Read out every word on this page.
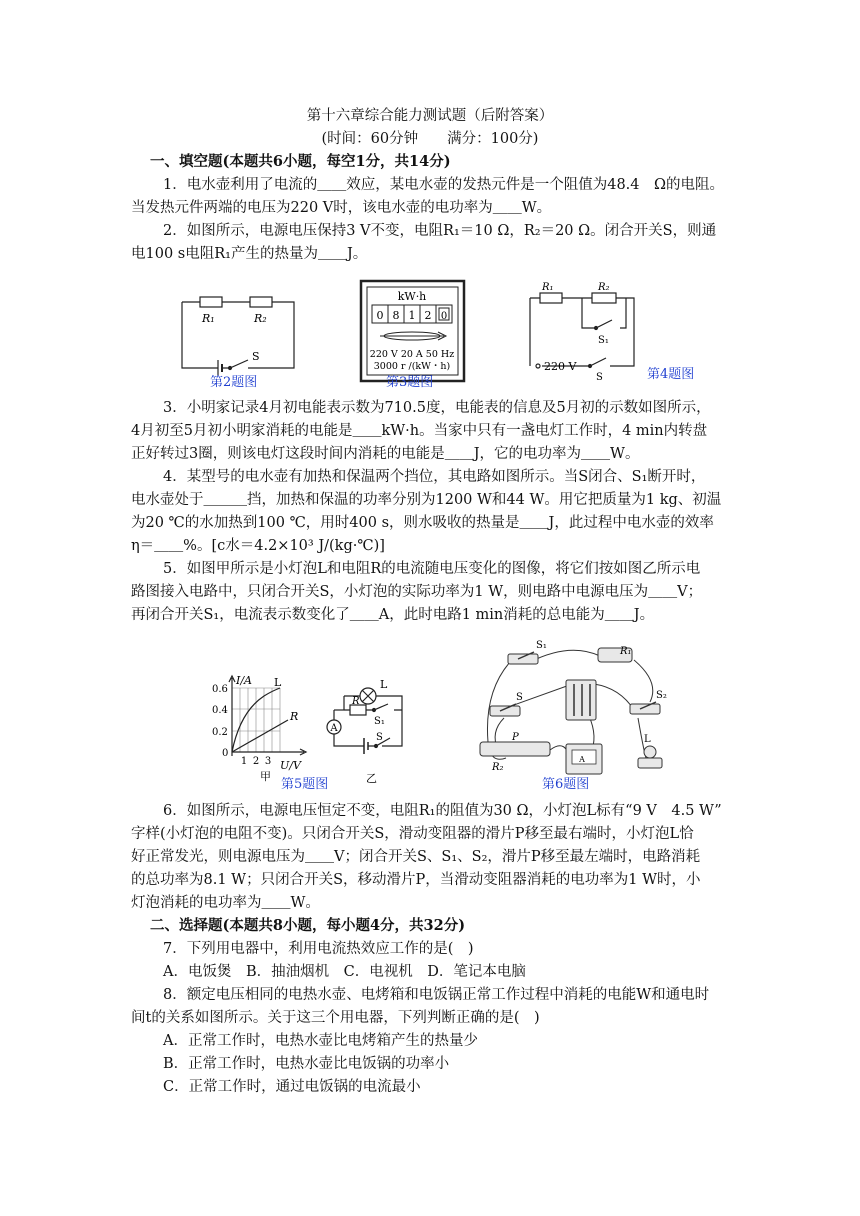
第十六章综合能力测试题（后附答案）
(时间：60分钟　　满分：100分)
一、填空题(本题共6小题，每空1分，共14分)
1．电水壶利用了电流的＿＿效应，某电水壶的发热元件是一个阻值为48.4　Ω的电阻。
当发热元件两端的电压为220 V时，该电水壶的电功率为＿＿W。
2．如图所示，电源电压保持3 V不变，电阻R₁＝10 Ω，R₂＝20 Ω。闭合开关S，则通
电100 s电阻R₁产生的热量为＿＿J。
R₁	R₂
S
第2题图
kW·h
0 8 1 2 0
220 V 20 A 50 Hz
3000 r /(kW・h)
第3题图
R₁	R₂
S₁
220 V
S	第4题图
3．小明家记录4月初电能表示数为710.5度，电能表的信息及5月初的示数如图所示，
4月初至5月初小明家消耗的电能是＿＿kW·h。当家中只有一盏电灯工作时，4 min内转盘
正好转过3圈，则该电灯这段时间内消耗的电能是＿＿J，它的电功率为＿＿W。
4．某型号的电水壶有加热和保温两个挡位，其电路如图所示。当S闭合、S₁断开时，
电水壶处于＿＿＿挡，加热和保温的功率分别为1200 W和44 W。用它把质量为1 kg、初温
为20 ℃的水加热到100 ℃，用时400 s，则水吸收的热量是＿＿J，此过程中电水壶的效率
η＝＿＿%。[c水＝4.2×10³ J/(kg·℃)]
5．如图甲所示是小灯泡L和电阻R的电流随电压变化的图像，将它们按如图乙所示电
路图接入电路中，只闭合开关S，小灯泡的实际功率为1 W，则电路中电源电压为＿＿V；
再闭合开关S₁，电流表示数变化了＿＿A，此时电路1 min消耗的总电能为＿＿J。
I/A
0.6
0.4
0.2
0
1 2 3 U/V
L
R
甲
A
L
R
S₁
S
乙
第5题图
A
S₁
R₁
S	S₂
P
R₂
L
第6题图
6．如图所示，电源电压恒定不变，电阻R₁的阻值为30 Ω，小灯泡L标有“9 V　4.5 W”
字样(小灯泡的电阻不变)。只闭合开关S，滑动变阻器的滑片P移至最右端时，小灯泡L恰
好正常发光，则电源电压为＿＿V；闭合开关S、S₁、S₂，滑片P移至最左端时，电路消耗
的总功率为8.1 W；只闭合开关S，移动滑片P，当滑动变阻器消耗的电功率为1 W时，小
灯泡消耗的电功率为＿＿W。
二、选择题(本题共8小题，每小题4分，共32分)
7．下列用电器中，利用电流热效应工作的是(　)
A．电饭煲　B．抽油烟机　C．电视机　D．笔记本电脑
8．额定电压相同的电热水壶、电烤箱和电饭锅正常工作过程中消耗的电能W和通电时
间t的关系如图所示。关于这三个用电器，下列判断正确的是(　)
A．正常工作时，电热水壶比电烤箱产生的热量少
B．正常工作时，电热水壶比电饭锅的功率小
C．正常工作时，通过电饭锅的电流最小
